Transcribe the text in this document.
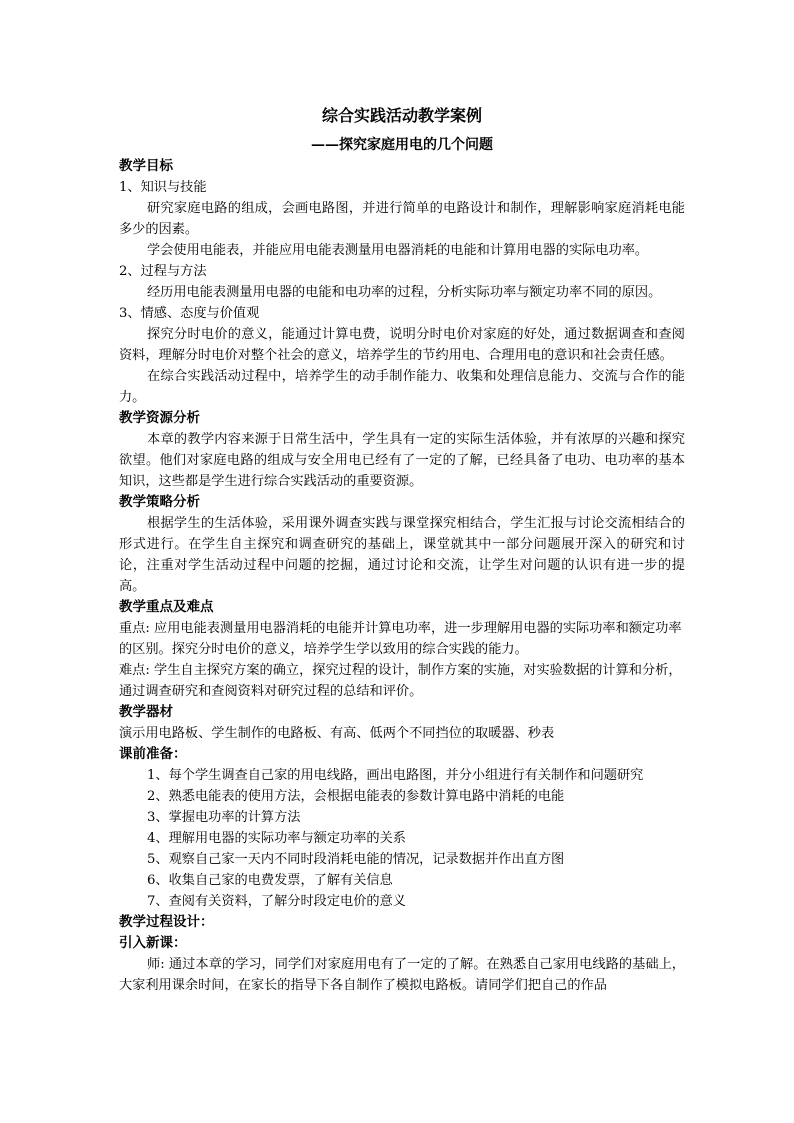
综合实践活动教学案例
——探究家庭用电的几个问题
教学目标

1、知识与技能

研究家庭电路的组成，会画电路图，并进行简单的电路设计和制作，理解影响家庭消耗电能多少的因素。

学会使用电能表，并能应用电能表测量用电器消耗的电能和计算用电器的实际电功率。

2、过程与方法

经历用电能表测量用电器的电能和电功率的过程，分析实际功率与额定功率不同的原因。

3、情感、态度与价值观

探究分时电价的意义，能通过计算电费，说明分时电价对家庭的好处，通过数据调查和查阅资料，理解分时电价对整个社会的意义，培养学生的节约用电、合理用电的意识和社会责任感。

在综合实践活动过程中，培养学生的动手制作能力、收集和处理信息能力、交流与合作的能力。

教学资源分析

本章的教学内容来源于日常生活中，学生具有一定的实际生活体验，并有浓厚的兴趣和探究欲望。他们对家庭电路的组成与安全用电已经有了一定的了解，已经具备了电功、电功率的基本知识，这些都是学生进行综合实践活动的重要资源。

教学策略分析

根据学生的生活体验，采用课外调查实践与课堂探究相结合，学生汇报与讨论交流相结合的形式进行。在学生自主探究和调查研究的基础上，课堂就其中一部分问题展开深入的研究和讨论，注重对学生活动过程中问题的挖掘，通过讨论和交流，让学生对问题的认识有进一步的提高。

教学重点及难点

重点: 应用电能表测量用电器消耗的电能并计算电功率，进一步理解用电器的实际功率和额定功率的区别。探究分时电价的意义，培养学生学以致用的综合实践的能力。

难点: 学生自主探究方案的确立，探究过程的设计，制作方案的实施，对实验数据的计算和分析，通过调查研究和查阅资料对研究过程的总结和评价。

教学器材

演示用电路板、学生制作的电路板、有高、低两个不同挡位的取暖器、秒表

课前准备：
1、每个学生调查自己家的用电线路，画出电路图，并分小组进行有关制作和问题研究
2、熟悉电能表的使用方法，会根据电能表的参数计算电路中消耗的电能
3、掌握电功率的计算方法
4、理解用电器的实际功率与额定功率的关系
5、观察自己家一天内不同时段消耗电能的情况，记录数据并作出直方图
6、收集自己家的电费发票，了解有关信息
7、查阅有关资料，了解分时段定电价的意义
教学过程设计：
引入新课：

师: 通过本章的学习，同学们对家庭用电有了一定的了解。在熟悉自己家用电线路的基础上，大家利用课余时间，在家长的指导下各自制作了模拟电路板。请同学们把自己的作品
